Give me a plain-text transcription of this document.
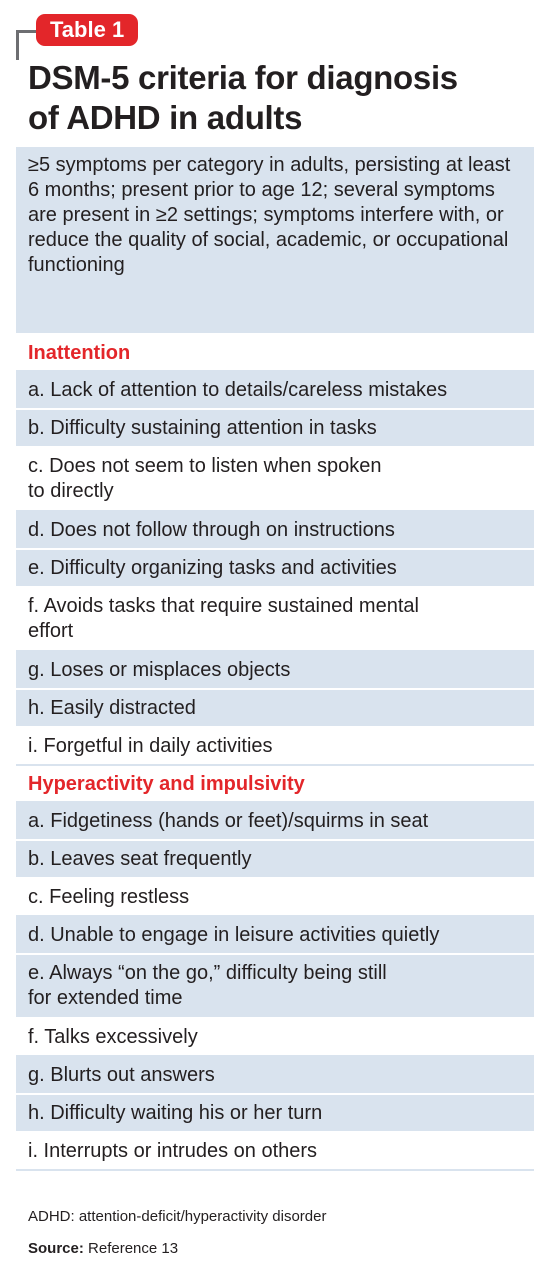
Table 1
DSM-5 criteria for diagnosis
of ADHD in adults
≥5 symptoms per category in adults, persisting at least 6 months; present prior to age 12; several symptoms are present in ≥2 settings; symptoms interfere with, or reduce the quality of social, academic, or occupational functioning
Inattention
a. Lack of attention to details/careless mistakes
b. Difficulty sustaining attention in tasks
c. Does not seem to listen when spoken
to directly
d. Does not follow through on instructions
e. Difficulty organizing tasks and activities
f. Avoids tasks that require sustained mental
effort
g. Loses or misplaces objects
h. Easily distracted
i. Forgetful in daily activities
Hyperactivity and impulsivity
a. Fidgetiness (hands or feet)/squirms in seat
b. Leaves seat frequently
c. Feeling restless
d. Unable to engage in leisure activities quietly
e. Always “on the go,” difficulty being still
for extended time
f. Talks excessively
g. Blurts out answers
h. Difficulty waiting his or her turn
i. Interrupts or intrudes on others
ADHD: attention-deficit/hyperactivity disorder
Source: Reference 13
